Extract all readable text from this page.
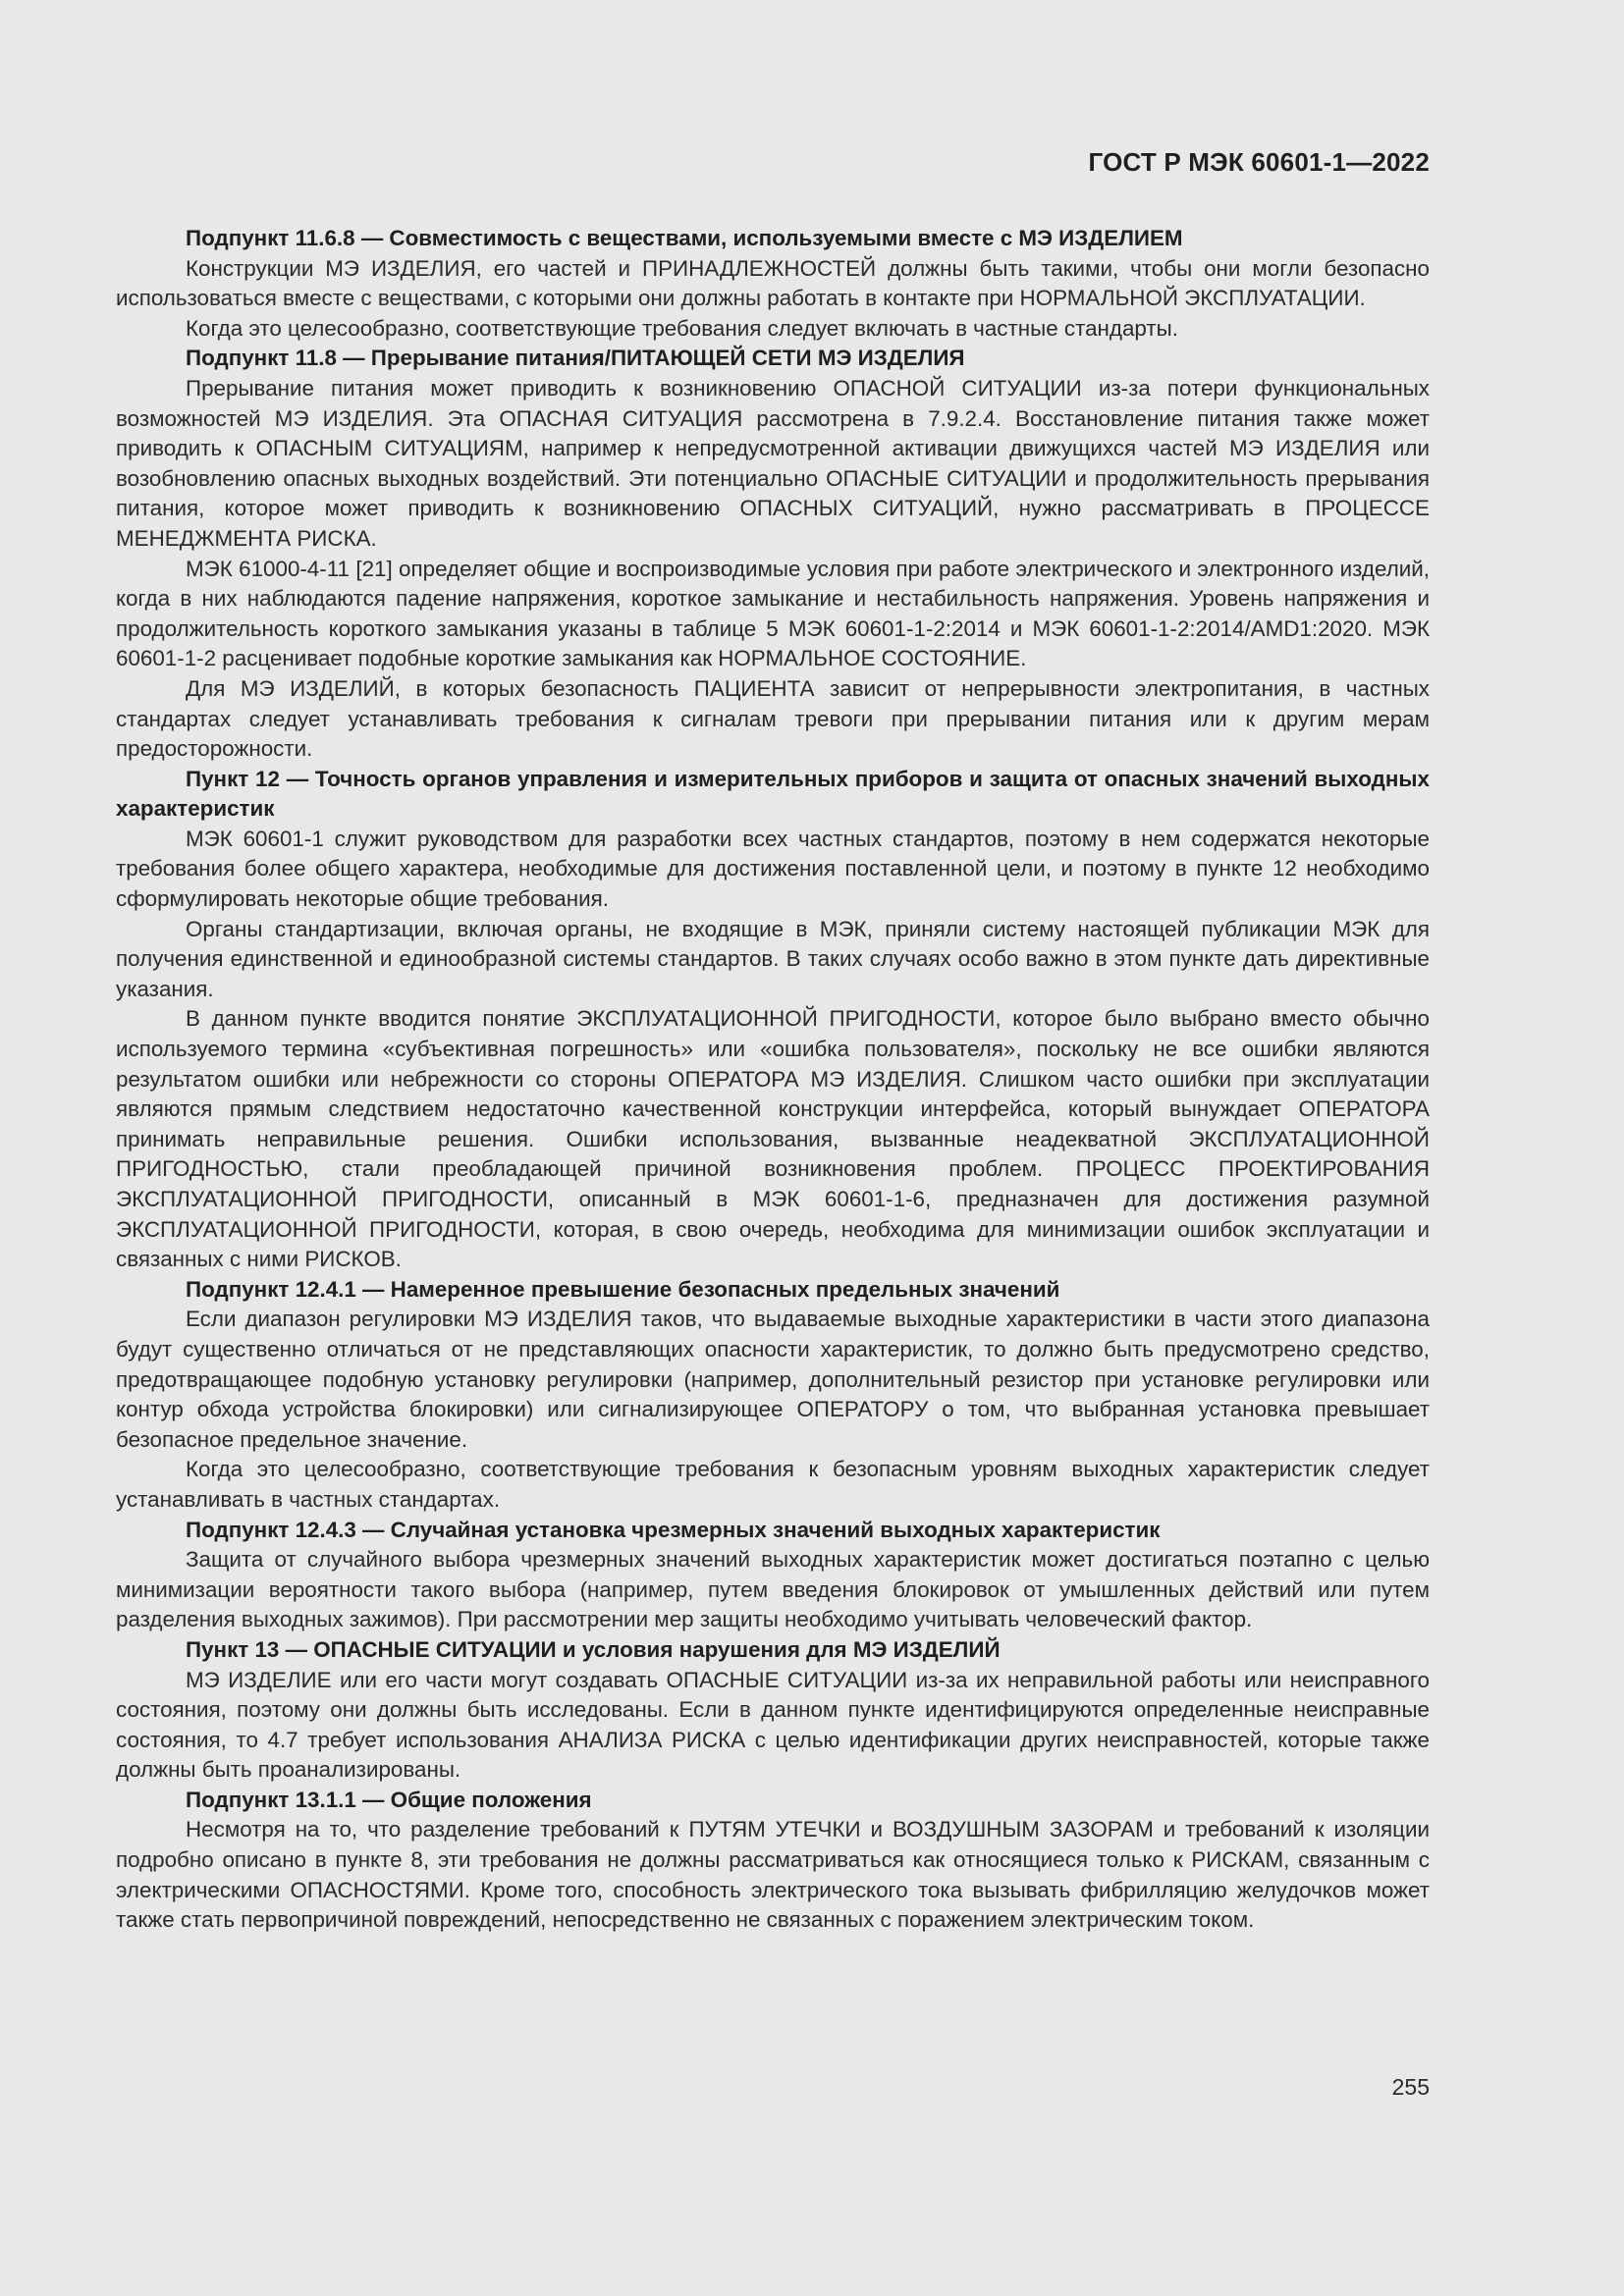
ГОСТ Р МЭК 60601-1—2022

Подпункт 11.6.8 — Совместимость с веществами, используемыми вместе с МЭ ИЗДЕЛИЕМ

Конструкции МЭ ИЗДЕЛИЯ, его частей и ПРИНАДЛЕЖНОСТЕЙ должны быть такими, чтобы они могли безопасно использоваться вместе с веществами, с которыми они должны работать в контакте при НОРМАЛЬНОЙ ЭКСПЛУАТАЦИИ.

Когда это целесообразно, соответствующие требования следует включать в частные стандарты.

Подпункт 11.8 — Прерывание питания/ПИТАЮЩЕЙ СЕТИ МЭ ИЗДЕЛИЯ

Прерывание питания может приводить к возникновению ОПАСНОЙ СИТУАЦИИ из-за потери функциональных возможностей МЭ ИЗДЕЛИЯ. Эта ОПАСНАЯ СИТУАЦИЯ рассмотрена в 7.9.2.4. Восстановление питания также может приводить к ОПАСНЫМ СИТУАЦИЯМ, например к непредусмотренной активации движущихся частей МЭ ИЗДЕЛИЯ или возобновлению опасных выходных воздействий. Эти потенциально ОПАСНЫЕ СИТУАЦИИ и продолжительность прерывания питания, которое может приводить к возникновению ОПАСНЫХ СИТУАЦИЙ, нужно рассматривать в ПРОЦЕССЕ МЕНЕДЖМЕНТА РИСКА.

МЭК 61000-4-11 [21] определяет общие и воспроизводимые условия при работе электрического и электронного изделий, когда в них наблюдаются падение напряжения, короткое замыкание и нестабильность напряжения. Уровень напряжения и продолжительность короткого замыкания указаны в таблице 5 МЭК 60601-1-2:2014 и МЭК 60601-1-2:2014/AMD1:2020. МЭК 60601-1-2 расценивает подобные короткие замыкания как НОРМАЛЬНОЕ СОСТОЯНИЕ.

Для МЭ ИЗДЕЛИЙ, в которых безопасность ПАЦИЕНТА зависит от непрерывности электропитания, в частных стандартах следует устанавливать требования к сигналам тревоги при прерывании питания или к другим мерам предосторожности.

Пункт 12 — Точность органов управления и измерительных приборов и защита от опасных значений выходных характеристик

МЭК 60601-1 служит руководством для разработки всех частных стандартов, поэтому в нем содержатся некоторые требования более общего характера, необходимые для достижения поставленной цели, и поэтому в пункте 12 необходимо сформулировать некоторые общие требования.

Органы стандартизации, включая органы, не входящие в МЭК, приняли систему настоящей публикации МЭК для получения единственной и единообразной системы стандартов. В таких случаях особо важно в этом пункте дать директивные указания.

В данном пункте вводится понятие ЭКСПЛУАТАЦИОННОЙ ПРИГОДНОСТИ, которое было выбрано вместо обычно используемого термина «субъективная погрешность» или «ошибка пользователя», поскольку не все ошибки являются результатом ошибки или небрежности со стороны ОПЕРАТОРА МЭ ИЗДЕЛИЯ. Слишком часто ошибки при эксплуатации являются прямым следствием недостаточно качественной конструкции интерфейса, который вынуждает ОПЕРАТОРА принимать неправильные решения. Ошибки использования, вызванные неадекватной ЭКСПЛУАТАЦИОННОЙ ПРИГОДНОСТЬЮ, стали преобладающей причиной возникновения проблем. ПРОЦЕСС ПРОЕКТИРОВАНИЯ ЭКСПЛУАТАЦИОННОЙ ПРИГОДНОСТИ, описанный в МЭК 60601-1-6, предназначен для достижения разумной ЭКСПЛУАТАЦИОННОЙ ПРИГОДНОСТИ, которая, в свою очередь, необходима для минимизации ошибок эксплуатации и связанных с ними РИСКОВ.

Подпункт 12.4.1 — Намеренное превышение безопасных предельных значений

Если диапазон регулировки МЭ ИЗДЕЛИЯ таков, что выдаваемые выходные характеристики в части этого диапазона будут существенно отличаться от не представляющих опасности характеристик, то должно быть предусмотрено средство, предотвращающее подобную установку регулировки (например, дополнительный резистор при установке регулировки или контур обхода устройства блокировки) или сигнализирующее ОПЕРАТОРУ о том, что выбранная установка превышает безопасное предельное значение.

Когда это целесообразно, соответствующие требования к безопасным уровням выходных характеристик следует устанавливать в частных стандартах.

Подпункт 12.4.3 — Случайная установка чрезмерных значений выходных характеристик

Защита от случайного выбора чрезмерных значений выходных характеристик может достигаться поэтапно с целью минимизации вероятности такого выбора (например, путем введения блокировок от умышленных действий или путем разделения выходных зажимов). При рассмотрении мер защиты необходимо учитывать человеческий фактор.

Пункт 13 — ОПАСНЫЕ СИТУАЦИИ и условия нарушения для МЭ ИЗДЕЛИЙ

МЭ ИЗДЕЛИЕ или его части могут создавать ОПАСНЫЕ СИТУАЦИИ из-за их неправильной работы или неисправного состояния, поэтому они должны быть исследованы. Если в данном пункте идентифицируются определенные неисправные состояния, то 4.7 требует использования АНАЛИЗА РИСКА с целью идентификации других неисправностей, которые также должны быть проанализированы.

Подпункт 13.1.1 — Общие положения

Несмотря на то, что разделение требований к ПУТЯМ УТЕЧКИ и ВОЗДУШНЫМ ЗАЗОРАМ и требований к изоляции подробно описано в пункте 8, эти требования не должны рассматриваться как относящиеся только к РИСКАМ, связанным с электрическими ОПАСНОСТЯМИ. Кроме того, способность электрического тока вызывать фибрилляцию желудочков может также стать первопричиной повреждений, непосредственно не связанных с поражением электрическим током.

255
